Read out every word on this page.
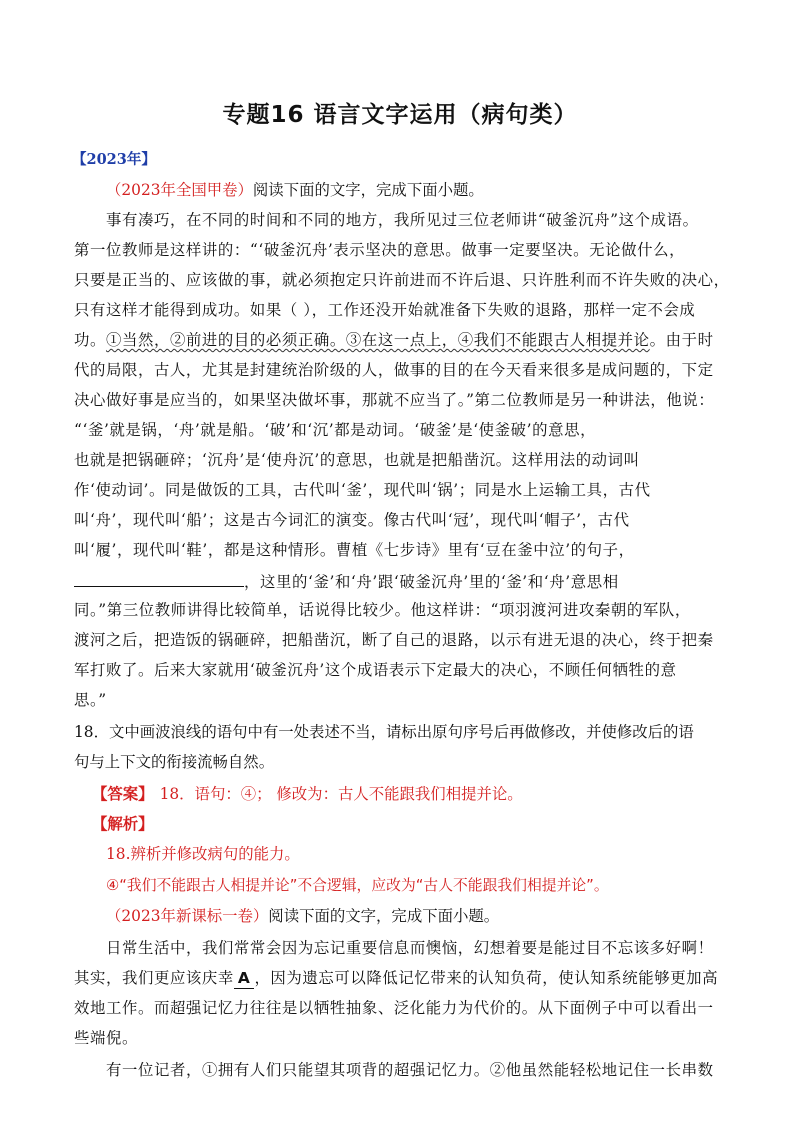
专题16 语言文字运用（病句类）
【2023年】
（2023年全国甲卷）阅读下面的文字，完成下面小题。
事有凑巧，在不同的时间和不同的地方，我所见过三位老师讲“破釜沉舟”这个成语。
第一位教师是这样讲的：“‘破釜沉舟’表示坚决的意思。做事一定要坚决。无论做什么，
只要是正当的、应该做的事，就必须抱定只许前进而不许后退、只许胜利而不许失败的决心，
只有这样才能得到成功。如果（ ），工作还没开始就准备下失败的退路，那样一定不会成
功。①当然，②前进的目的必须正确。③在这一点上，④我们不能跟古人相提并论。由于时
代的局限，古人，尤其是封建统治阶级的人，做事的目的在今天看来很多是成问题的，下定
决心做好事是应当的，如果坚决做坏事，那就不应当了。”第二位教师是另一种讲法，他说：
“‘釜’就是锅，‘舟’就是船。‘破’和‘沉’都是动词。‘破釜’是‘使釜破’的意思，
也就是把锅砸碎；‘沉舟’是‘使舟沉’的意思，也就是把船凿沉。这样用法的动词叫
作‘使动词’。同是做饭的工具，古代叫‘釜’，现代叫‘锅’；同是水上运输工具，古代
叫‘舟’，现代叫‘船’；这是古今词汇的演变。像古代叫‘冠’，现代叫‘帽子’，古代
叫‘履’，现代叫‘鞋’，都是这种情形。曹植《七步诗》里有‘豆在釜中泣’的句子，
，这里的‘釜’和‘舟’跟‘破釜沉舟’里的‘釜’和‘舟’意思相
同。”第三位教师讲得比较简单，话说得比较少。他这样讲：“项羽渡河进攻秦朝的军队，
渡河之后，把造饭的锅砸碎，把船凿沉，断了自己的退路，以示有进无退的决心，终于把秦
军打败了。后来大家就用‘破釜沉舟’这个成语表示下定最大的决心，不顾任何牺牲的意
思。”
18．文中画波浪线的语句中有一处表述不当，请标出原句序号后再做修改，并使修改后的语
句与上下文的衔接流畅自然。
【答案】 18．语句：④； 修改为：古人不能跟我们相提并论。
【解析】
18.辨析并修改病句的能力。
④“我们不能跟古人相提并论”不合逻辑，应改为“古人不能跟我们相提并论”。
（2023年新课标一卷）阅读下面的文字，完成下面小题。
日常生活中，我们常常会因为忘记重要信息而懊恼，幻想着要是能过目不忘该多好啊！
其实，我们更应该庆幸 A ，因为遗忘可以降低记忆带来的认知负荷，使认知系统能够更加高
效地工作。而超强记忆力往往是以牺牲抽象、泛化能力为代价的。从下面例子中可以看出一
些端倪。
有一位记者，①拥有人们只能望其项背的超强记忆力。②他虽然能轻松地记住一长串数
